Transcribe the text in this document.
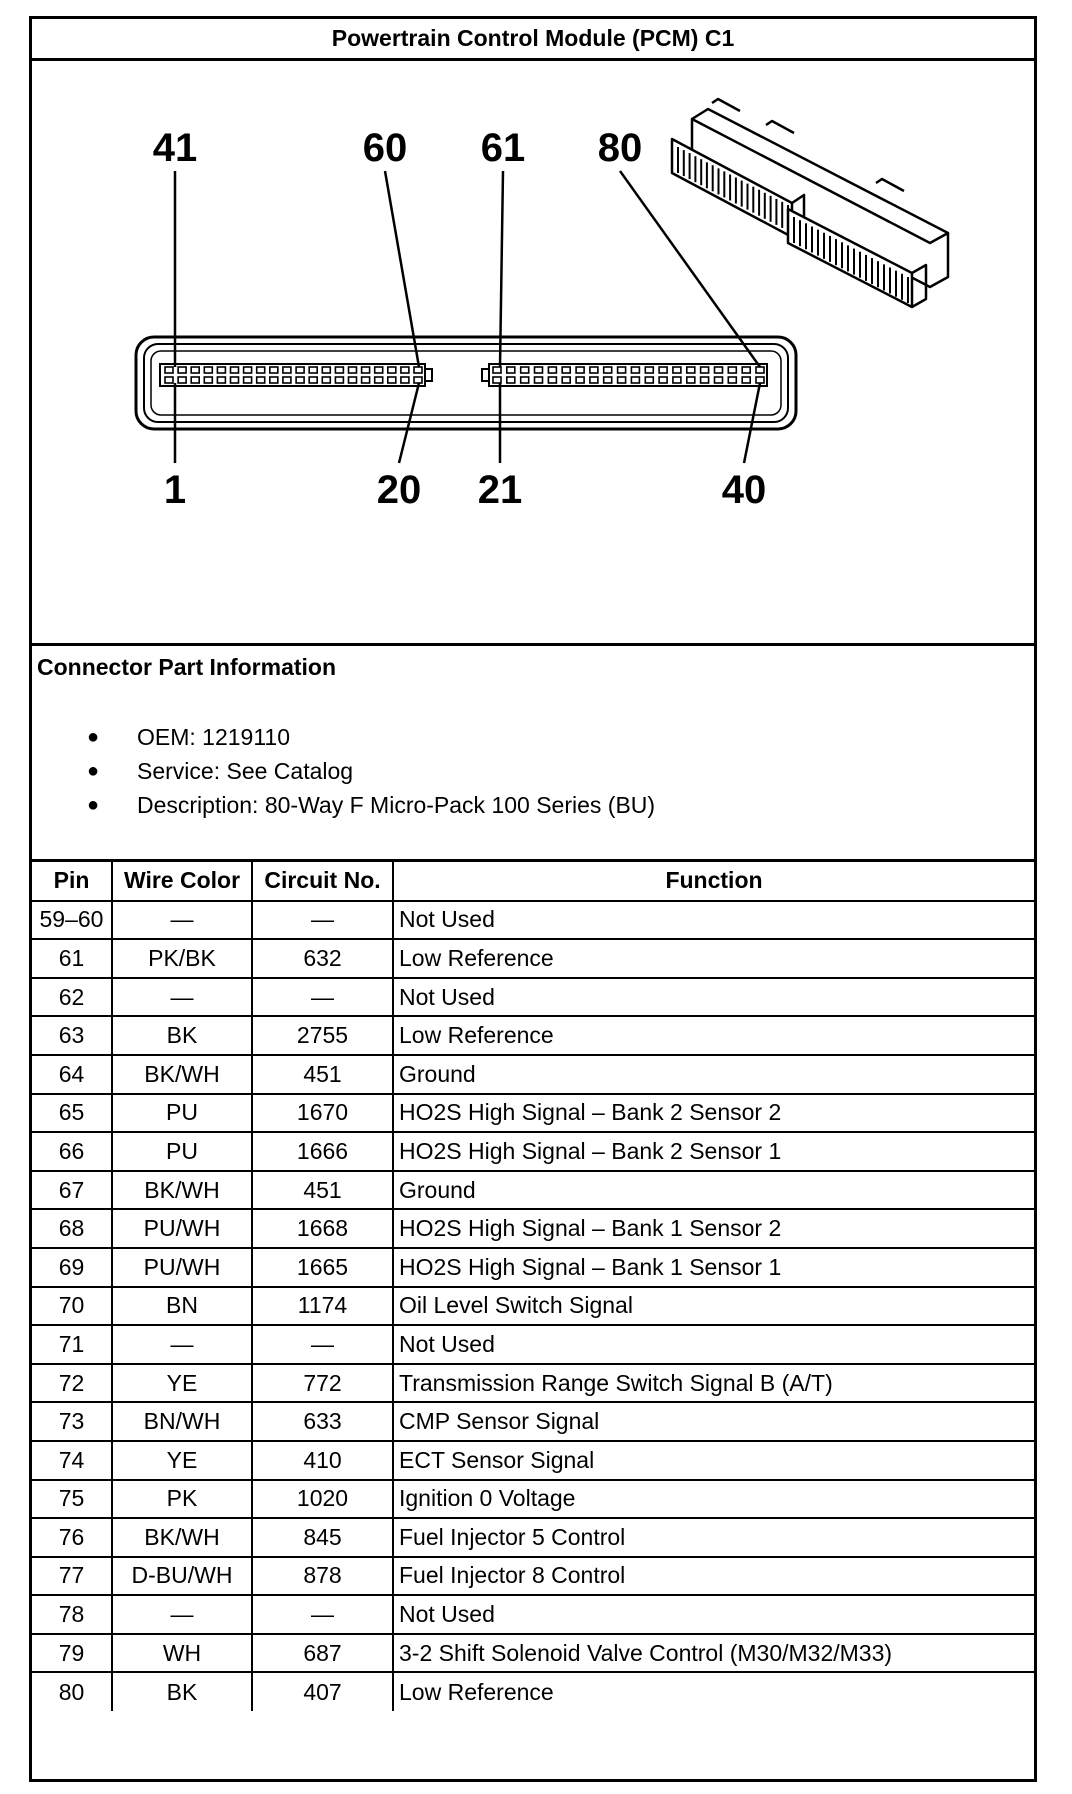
Powertrain Control Module (PCM) C1
41	60 61 80
1	20 21	40
Connector Part Information
● OEM: 1219110
● Service: See Catalog
● Description: 80-Way F Micro-Pack 100 Series (BU)
Pin	Wire Color	Circuit No.	Function
59–60	—	—	Not Used
61	PK/BK	632	Low Reference
62	—	—	Not Used
63	BK	2755	Low Reference
64	BK/WH	451	Ground
65	PU	1670	HO2S High Signal – Bank 2 Sensor 2
66	PU	1666	HO2S High Signal – Bank 2 Sensor 1
67	BK/WH	451	Ground
68	PU/WH	1668	HO2S High Signal – Bank 1 Sensor 2
69	PU/WH	1665	HO2S High Signal – Bank 1 Sensor 1
70	BN	1174	Oil Level Switch Signal
71	—	—	Not Used
72	YE	772	Transmission Range Switch Signal B (A/T)
73	BN/WH	633	CMP Sensor Signal
74	YE	410	ECT Sensor Signal
75	PK	1020	Ignition 0 Voltage
76	BK/WH	845	Fuel Injector 5 Control
77	D-BU/WH	878	Fuel Injector 8 Control
78	—	—	Not Used
79	WH	687	3-2 Shift Solenoid Valve Control (M30/M32/M33)
80	BK	407	Low Reference
